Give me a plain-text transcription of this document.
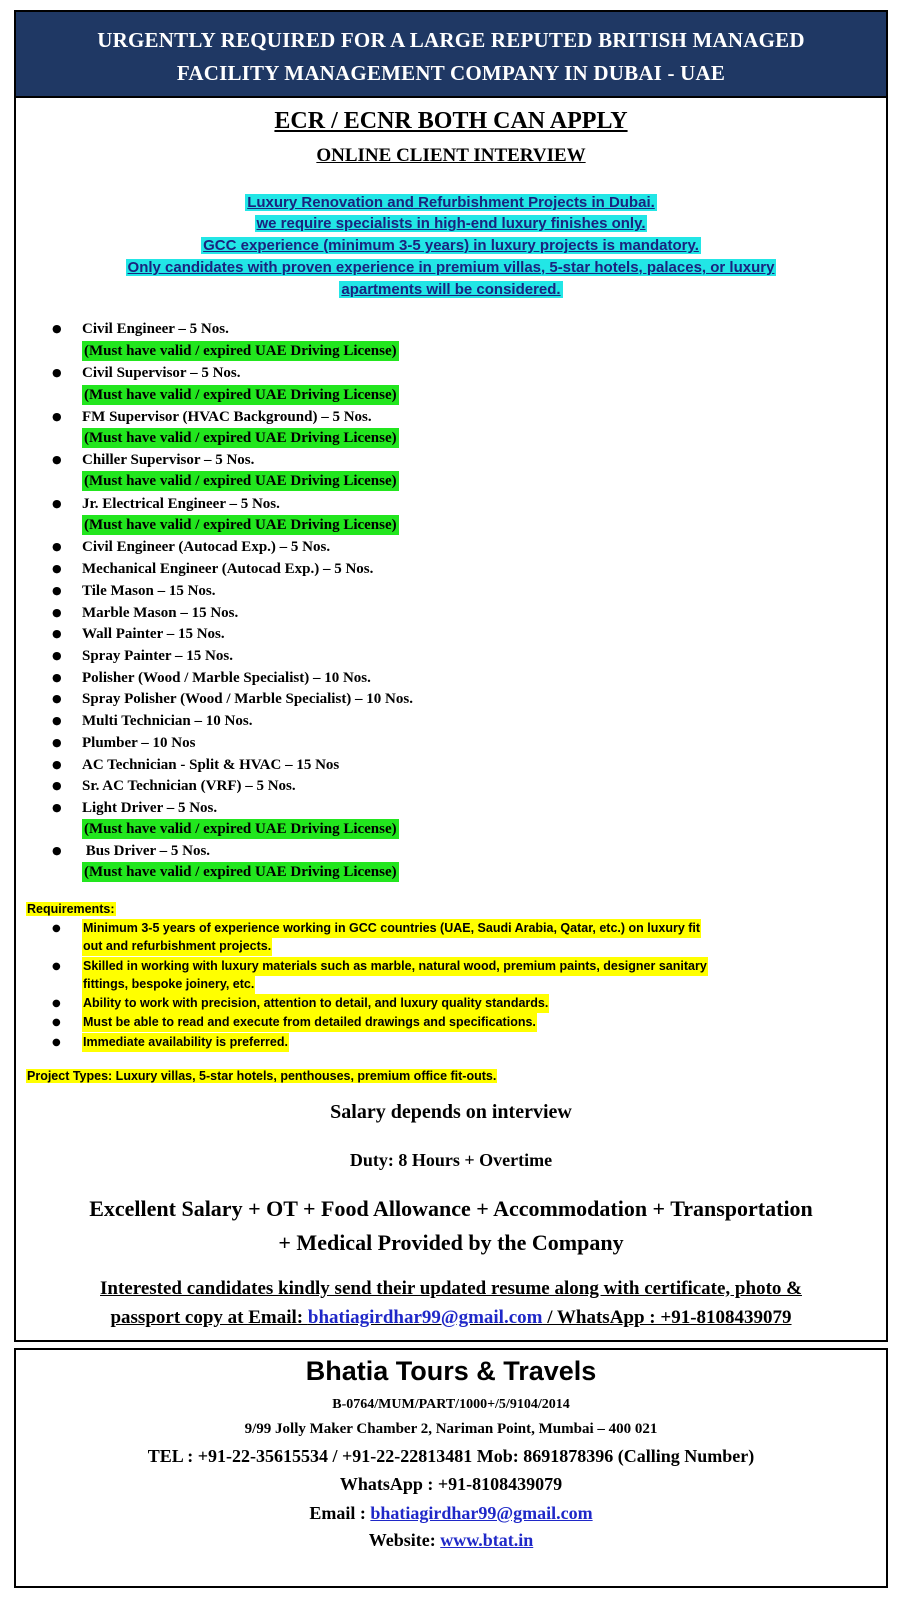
URGENTLY REQUIRED FOR A LARGE REPUTED BRITISH MANAGED
FACILITY MANAGEMENT COMPANY IN DUBAI - UAE
ECR / ECNR BOTH CAN APPLY
ONLINE CLIENT INTERVIEW
Luxury Renovation and Refurbishment Projects in Dubai.
we require specialists in high-end luxury finishes only.
GCC experience (minimum 3-5 years) in luxury projects is mandatory.
Only candidates with proven experience in premium villas, 5-star hotels, palaces, or luxury
apartments will be considered.
●	Civil Engineer – 5 Nos.
(Must have valid / expired UAE Driving License)
●	Civil Supervisor – 5 Nos.
(Must have valid / expired UAE Driving License)
●	FM Supervisor (HVAC Background) – 5 Nos.
(Must have valid / expired UAE Driving License)
●	Chiller Supervisor – 5 Nos.
(Must have valid / expired UAE Driving License)
●	Jr. Electrical Engineer – 5 Nos.
(Must have valid / expired UAE Driving License)
●	Civil Engineer (Autocad Exp.) – 5 Nos.
●	Mechanical Engineer (Autocad Exp.) – 5 Nos.
●	Tile Mason – 15 Nos.
●	Marble Mason – 15 Nos.
●	Wall Painter – 15 Nos.
●	Spray Painter – 15 Nos.
●	Polisher (Wood / Marble Specialist) – 10 Nos.
●	Spray Polisher (Wood / Marble Specialist) – 10 Nos.
●	Multi Technician – 10 Nos.
●	Plumber – 10 Nos
●	AC Technician - Split & HVAC – 15 Nos
●	Sr. AC Technician (VRF) – 5 Nos.
●	Light Driver – 5 Nos.
(Must have valid / expired UAE Driving License)
●	Bus Driver – 5 Nos.
(Must have valid / expired UAE Driving License)
Requirements:
● Minimum 3-5 years of experience working in GCC countries (UAE, Saudi Arabia, Qatar, etc.) on luxury fit
out and refurbishment projects.
● Skilled in working with luxury materials such as marble, natural wood, premium paints, designer sanitary
fittings, bespoke joinery, etc.
● Ability to work with precision, attention to detail, and luxury quality standards.
● Must be able to read and execute from detailed drawings and specifications.
● Immediate availability is preferred.
Project Types: Luxury villas, 5-star hotels, penthouses, premium office fit-outs.
Salary depends on interview
Duty: 8 Hours + Overtime
Excellent Salary + OT + Food Allowance + Accommodation + Transportation
+ Medical Provided by the Company
Interested candidates kindly send their updated resume along with certificate, photo &
passport copy at Email: bhatiagirdhar99@gmail.com / WhatsApp : +91-8108439079
Bhatia Tours & Travels
B-0764/MUM/PART/1000+/5/9104/2014
9/99 Jolly Maker Chamber 2, Nariman Point, Mumbai – 400 021
TEL : +91-22-35615534 / +91-22-22813481 Mob: 8691878396 (Calling Number)
WhatsApp : +91-8108439079
Email : bhatiagirdhar99@gmail.com
Website: www.btat.in
